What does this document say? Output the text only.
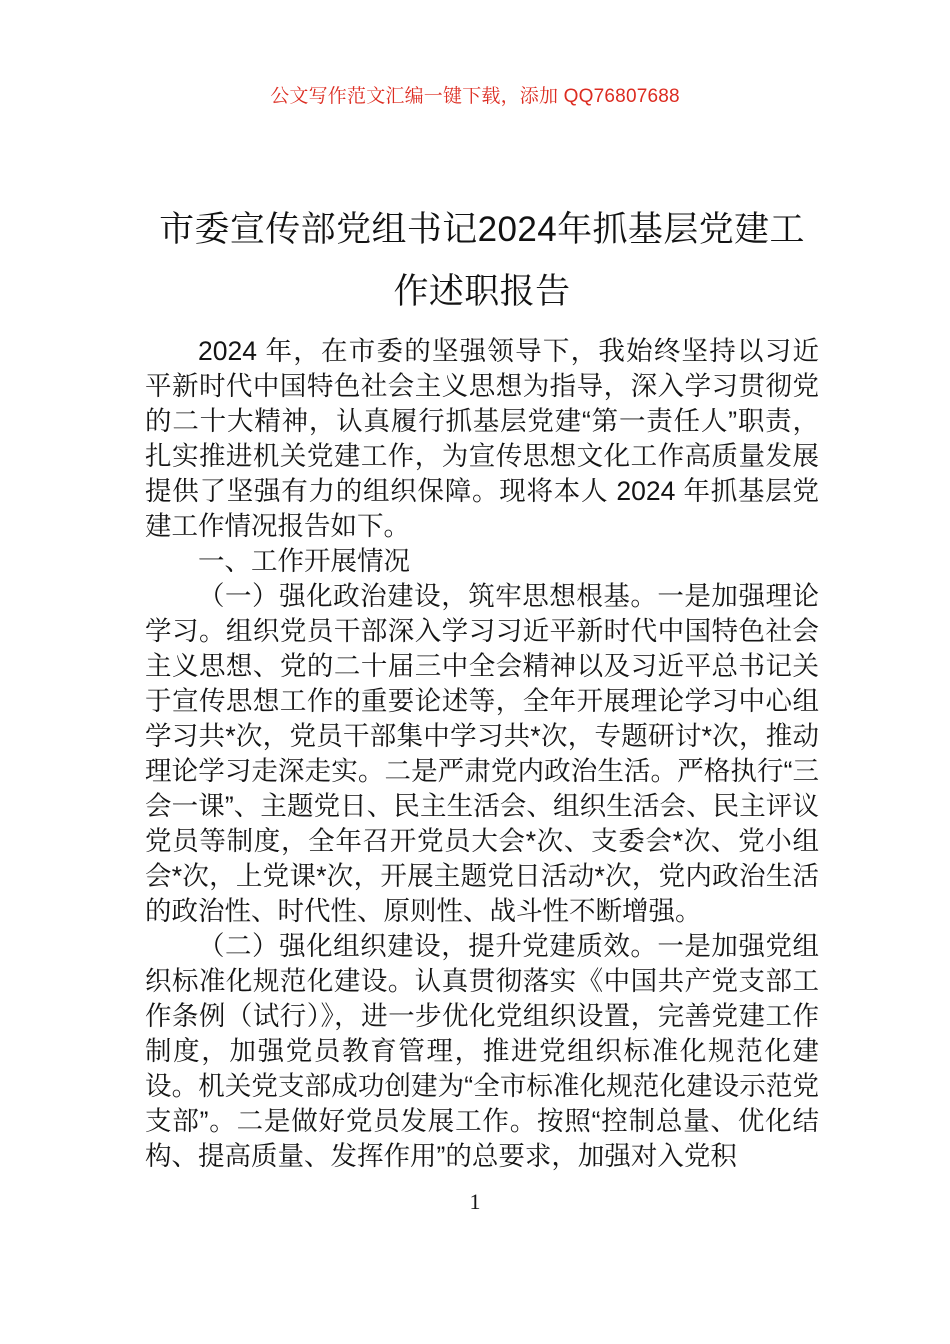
公文写作范文汇编一键下载，添加 QQ76807688
市委宣传部党组书记2024年抓基层党建工作述职报告

2024 年，在市委的坚强领导下，我始终坚持以习近平新时代中国特色社会主义思想为指导，深入学习贯彻党的二十大精神，认真履行抓基层党建“第一责任人”职责，扎实推进机关党建工作，为宣传思想文化工作高质量发展提供了坚强有力的组织保障。现将本人 2024 年抓基层党建工作情况报告如下。

一、工作开展情况

（一）强化政治建设，筑牢思想根基。一是加强理论学习。组织党员干部深入学习习近平新时代中国特色社会主义思想、党的二十届三中全会精神以及习近平总书记关于宣传思想工作的重要论述等，全年开展理论学习中心组学习共*次，党员干部集中学习共*次，专题研讨*次，推动理论学习走深走实。二是严肃党内政治生活。严格执行“三会一课”、主题党日、民主生活会、组织生活会、民主评议党员等制度，全年召开党员大会*次、支委会*次、党小组会*次，上党课*次，开展主题党日活动*次，党内政治生活的政治性、时代性、原则性、战斗性不断增强。

（二）强化组织建设，提升党建质效。一是加强党组织标准化规范化建设。认真贯彻落实《中国共产党支部工作条例（试行）》，进一步优化党组织设置，完善党建工作制度，加强党员教育管理，推进党组织标准化规范化建设。机关党支部成功创建为“全市标准化规范化建设示范党支部”。二是做好党员发展工作。按照“控制总量、优化结构、提高质量、发挥作用”的总要求，加强对入党积

1
